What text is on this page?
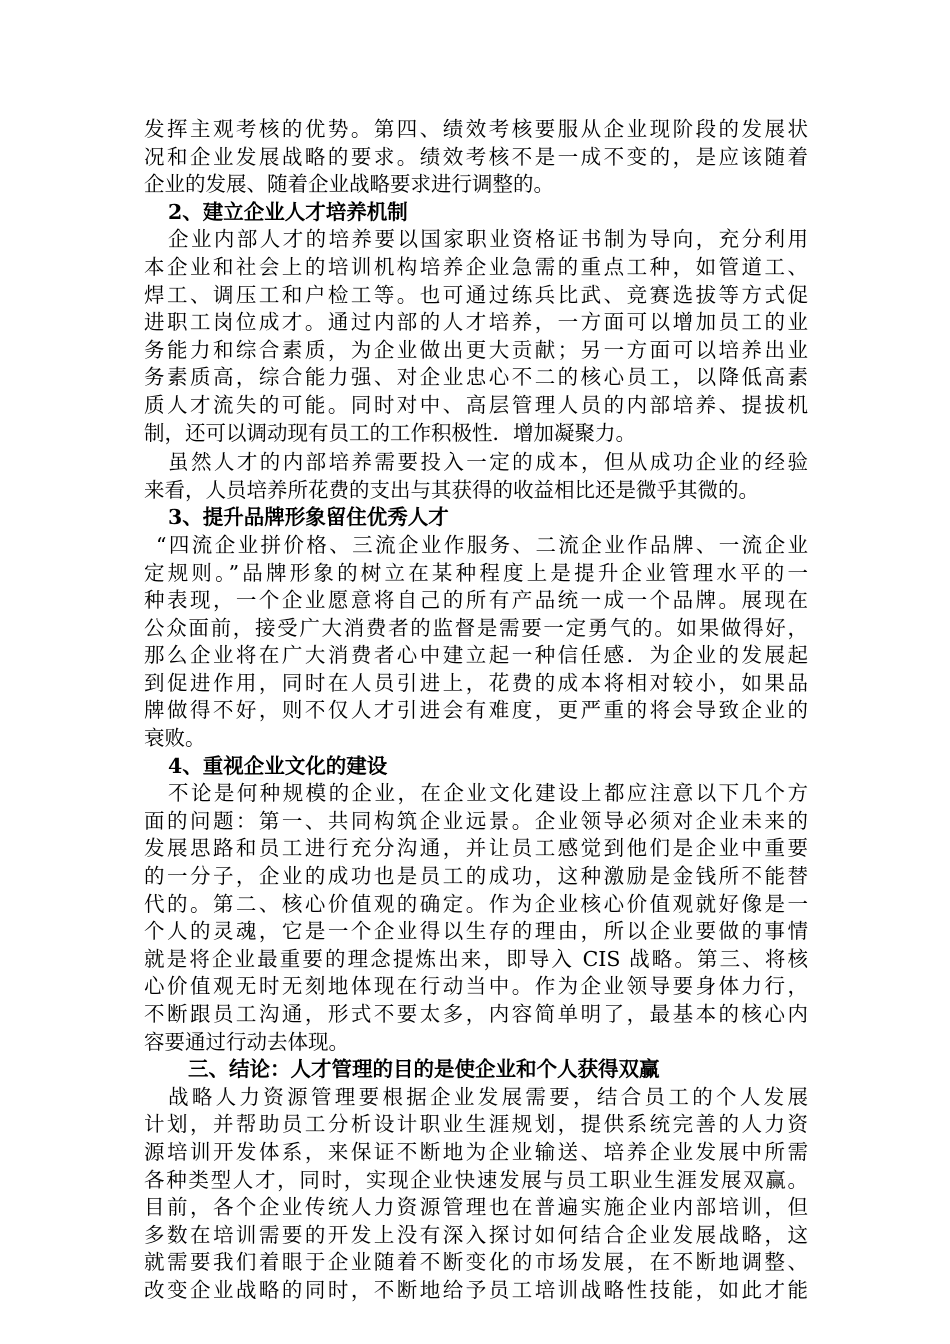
发挥主观考核的优势。第四、绩效考核要服从企业现阶段的发展状
况和企业发展战略的要求。绩效考核不是一成不变的，是应该随着
企业的发展、随着企业战略要求进行调整的。
2、建立企业人才培养机制
企业内部人才的培养要以国家职业资格证书制为导向，充分利用
本企业和社会上的培训机构培养企业急需的重点工种，如管道工、
焊工、调压工和户检工等。也可通过练兵比武、竞赛选拔等方式促
进职工岗位成才。通过内部的人才培养，一方面可以增加员工的业
务能力和综合素质，为企业做出更大贡献；另一方面可以培养出业
务素质高，综合能力强、对企业忠心不二的核心员工，以降低高素
质人才流失的可能。同时对中、高层管理人员的内部培养、提拔机
制，还可以调动现有员工的工作积极性．增加凝聚力。
虽然人才的内部培养需要投入一定的成本，但从成功企业的经验
来看，人员培养所花费的支出与其获得的收益相比还是微乎其微的。
3、提升品牌形象留住优秀人才
“四流企业拼价格、三流企业作服务、二流企业作品牌、一流企业
定规则。”品牌形象的树立在某种程度上是提升企业管理水平的一
种表现，一个企业愿意将自己的所有产品统一成一个品牌。展现在
公众面前，接受广大消费者的监督是需要一定勇气的。如果做得好，
那么企业将在广大消费者心中建立起一种信任感．为企业的发展起
到促进作用，同时在人员引进上，花费的成本将相对较小，如果品
牌做得不好，则不仅人才引进会有难度，更严重的将会导致企业的
衰败。
4、重视企业文化的建设
不论是何种规模的企业，在企业文化建设上都应注意以下几个方
面的问题：第一、共同构筑企业远景。企业领导必须对企业未来的
发展思路和员工进行充分沟通，并让员工感觉到他们是企业中重要
的一分子，企业的成功也是员工的成功，这种激励是金钱所不能替
代的。第二、核心价值观的确定。作为企业核心价值观就好像是一
个人的灵魂，它是一个企业得以生存的理由，所以企业要做的事情
就是将企业最重要的理念提炼出来，即导入 CIS 战略。第三、将核
心价值观无时无刻地体现在行动当中。作为企业领导要身体力行，
不断跟员工沟通，形式不要太多，内容简单明了，最基本的核心内
容要通过行动去体现。
三、结论：人才管理的目的是使企业和个人获得双赢
战略人力资源管理要根据企业发展需要，结合员工的个人发展
计划，并帮助员工分析设计职业生涯规划，提供系统完善的人力资
源培训开发体系，来保证不断地为企业输送、培养企业发展中所需
各种类型人才，同时，实现企业快速发展与员工职业生涯发展双赢。
目前，各个企业传统人力资源管理也在普遍实施企业内部培训，但
多数在培训需要的开发上没有深入探讨如何结合企业发展战略，这
就需要我们着眼于企业随着不断变化的市场发展，在不断地调整、
改变企业战略的同时，不断地给予员工培训战略性技能，如此才能
